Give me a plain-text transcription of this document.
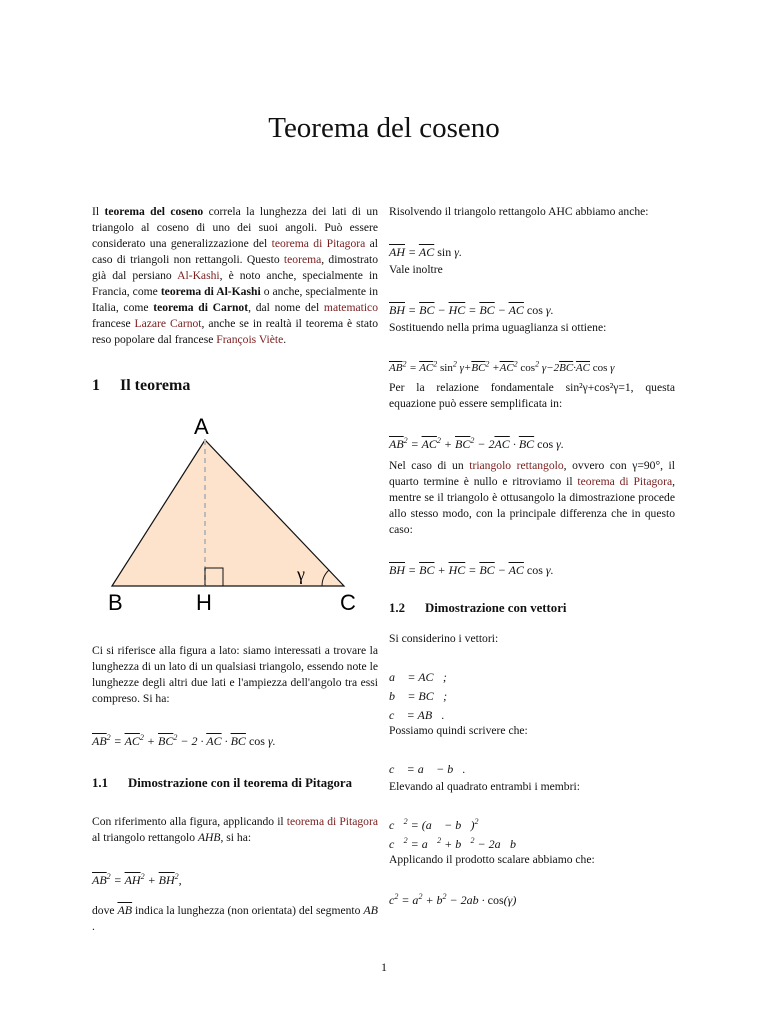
Teorema del coseno

Il teorema del coseno correla la lunghezza dei lati di un triangolo al coseno di uno dei suoi angoli. Può essere considerato una generalizzazione del teorema di Pitagora al caso di triangoli non rettangoli. Questo teorema, dimostrato già dal persiano Al-Kashi, è noto anche, specialmente in Francia, come teorema di Al-Kashi o anche, specialmente in Italia, come teorema di Carnot, dal nome del matematico francese Lazare Carnot, anche se in realtà il teorema è stato reso popolare dal francese François Viète.

1 Il teorema
A
B	H	C
γ

Ci si riferisce alla figura a lato: siamo interessati a trovare la lunghezza di un lato di un qualsiasi triangolo, essendo note le lunghezze degli altri due lati e l'ampiezza dell'angolo tra essi compreso. Si ha:

$\overline{AB}^2 = \overline{AC}^2 + \overline{BC}^2 - 2 \cdot \overline{AC} \cdot \overline{BC}$ cos γ.
1.1	Dimostrazione con il teorema di Pitagora

Con riferimento alla figura, applicando il teorema di Pitagora al triangolo rettangolo AHB, si ha:

$\overline{AB}^2 = \overline{AH}^2 + \overline{BH}^2$,

dove $\overline{AB}$ indica la lunghezza (non orientata) del segmento AB .

Risolvendo il triangolo rettangolo AHC abbiamo anche:

$\overline{AH} = \overline{AC}$ sin γ.

Vale inoltre

$\overline{BH} = \overline{BC} - \overline{HC} = \overline{BC} - \overline{AC}$ cos γ.

Sostituendo nella prima uguaglianza si ottiene:

$\overline{AB}^2 = \overline{AC}^2$ $\sin^2 \gamma+\overline{BC}^2 +\overline{AC}^2$ $\cos^2 \gamma-2\overline{BC}\cdot\overline{AC}$ cos γ

Per la relazione fondamentale sin²γ+cos²γ=1, questa equazione può essere semplificata in:

$\overline{AB}^2 = \overline{AC}^2 + \overline{BC}^2 - 2\overline{AC} \cdot \overline{BC}$ cos γ.

Nel caso di un triangolo rettangolo, ovvero con γ=90°, il quarto termine è nullo e ritroviamo il teorema di Pitagora, mentre se il triangolo è ottusangolo la dimostrazione procede allo stesso modo, con la principale differenza che in questo caso:

$\overline{BH} = \overline{BC} + \overline{HC} = \overline{BC} - \overline{AC}$ cos γ.
1.2	Dimostrazione con vettori

Si considerino i vettori:

a⃗ = AC⃗;
b⃗ = BC⃗;
c⃗ = AB⃗.

Possiamo quindi scrivere che:

c⃗ = a⃗ − b⃗.

Elevando al quadrato entrambi i membri:

c⃗$^2$ = (a⃗ − b⃗)$^2$
c⃗$^2$ = a⃗$^2$ + b⃗$^2$ − 2a⃗b⃗

Applicando il prodotto scalare abbiamo che:

$c^2 = a^2 + b^2 - 2ab \cdot \cos(\gamma)$
1
